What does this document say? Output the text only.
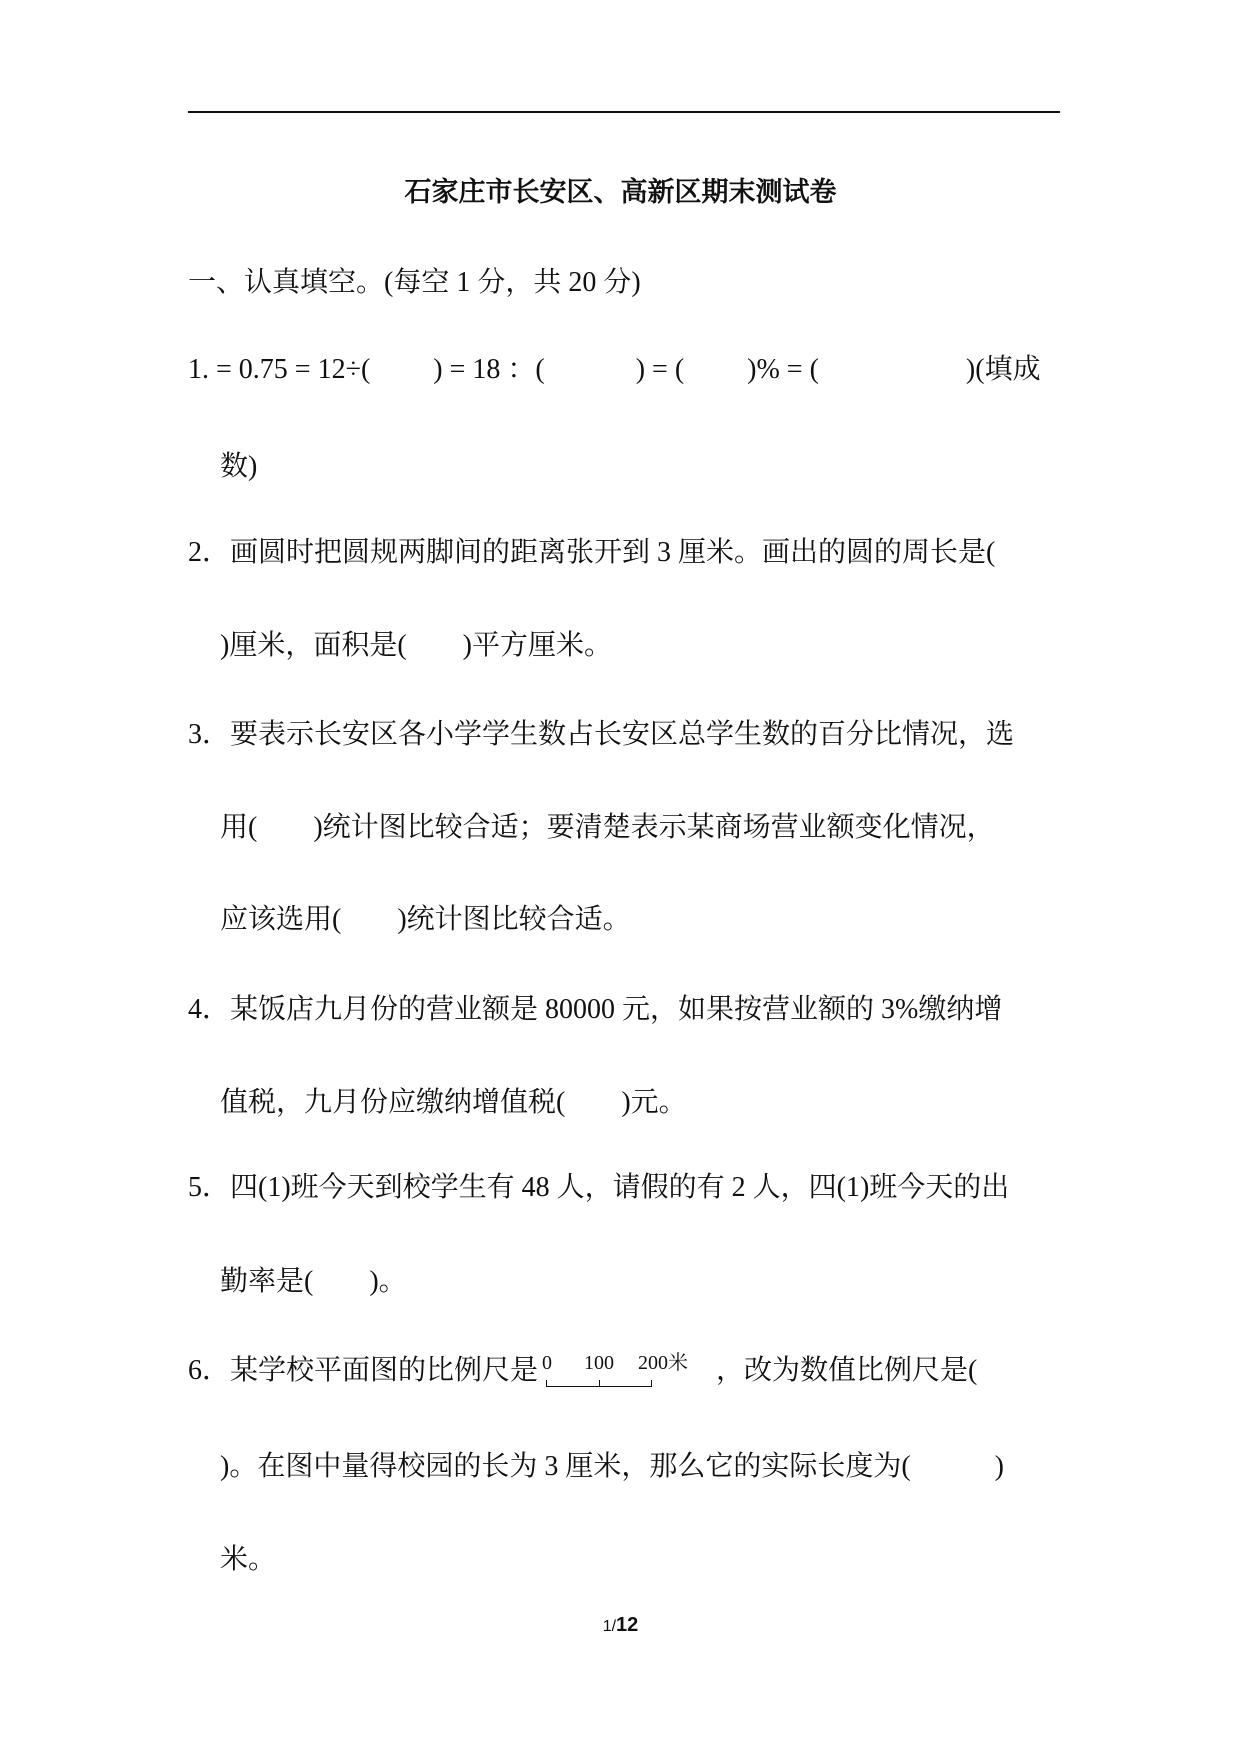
石家庄市长安区、高新区期末测试卷
一、认真填空。(每空 1 分，共 20 分)
1. = 0.75 = 12÷(　　 ) = 18 ：(　　　 ) = (　　 )% = (　　　　　 )(填成
数)
2．画圆时把圆规两脚间的距离张开到 3 厘米。画出的圆的周长是(
)厘米，面积是(　　)平方厘米。
3．要表示长安区各小学学生数占长安区总学生数的百分比情况，选
用(　　)统计图比较合适；要清楚表示某商场营业额变化情况，
应该选用(　　)统计图比较合适。
4．某饭店九月份的营业额是 80000 元，如果按营业额的 3%缴纳增
值税，九月份应缴纳增值税(　　)元。
5．四(1)班今天到校学生有 48 人，请假的有 2 人，四(1)班今天的出
勤率是(　　)。
6．某学校平面图的比例尺是 0 100 200米 ，改为数值比例尺是(
)。在图中量得校园的长为 3 厘米，那么它的实际长度为(　　　)
米。
1/12
